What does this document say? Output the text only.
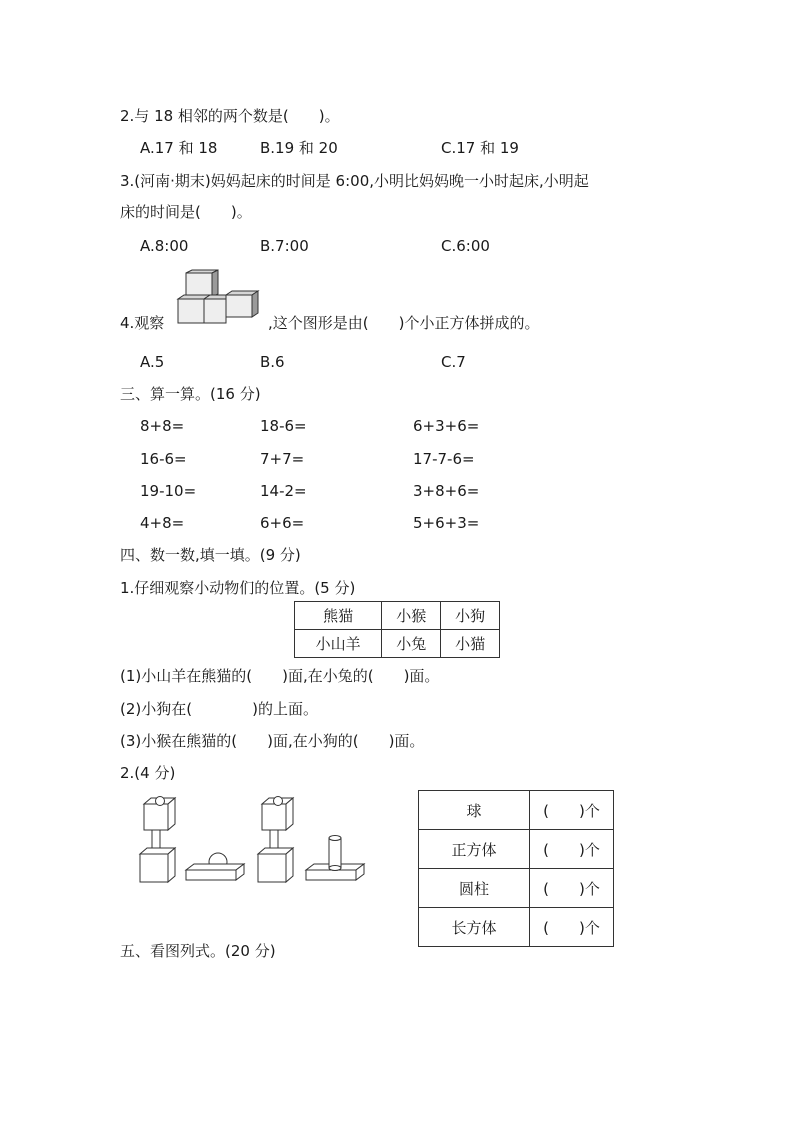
2.与 18 相邻的两个数是(　　)。
A.17 和 18	B.19 和 20	C.17 和 19
3.(河南·期末)妈妈起床的时间是 6:00,小明比妈妈晚一小时起床,小明起
床的时间是(　　)。
A.8:00	B.7:00	C.6:00
4.观察	,这个图形是由(　　)个小正方体拼成的。
A.5	B.6	C.7
三、算一算。(16 分)
8+8=	18-6=	6+3+6=
16-6=	7+7=	17-7-6=
19-10=	14-2=	3+8+6=
4+8=	6+6=	5+6+3=
四、数一数,填一填。(9 分)
1.仔细观察小动物们的位置。(5 分)
熊猫	小猴	小狗
小山羊	小兔	小猫
(1)小山羊在熊猫的(　　)面,在小兔的(　　)面。
(2)小狗在(　　　　)的上面。
(3)小猴在熊猫的(　　)面,在小狗的(　　)面。
2.(4 分)
球	(　　)个
正方体	(　　)个
圆柱	(　　)个
长方体	(　　)个
五、看图列式。(20 分)
